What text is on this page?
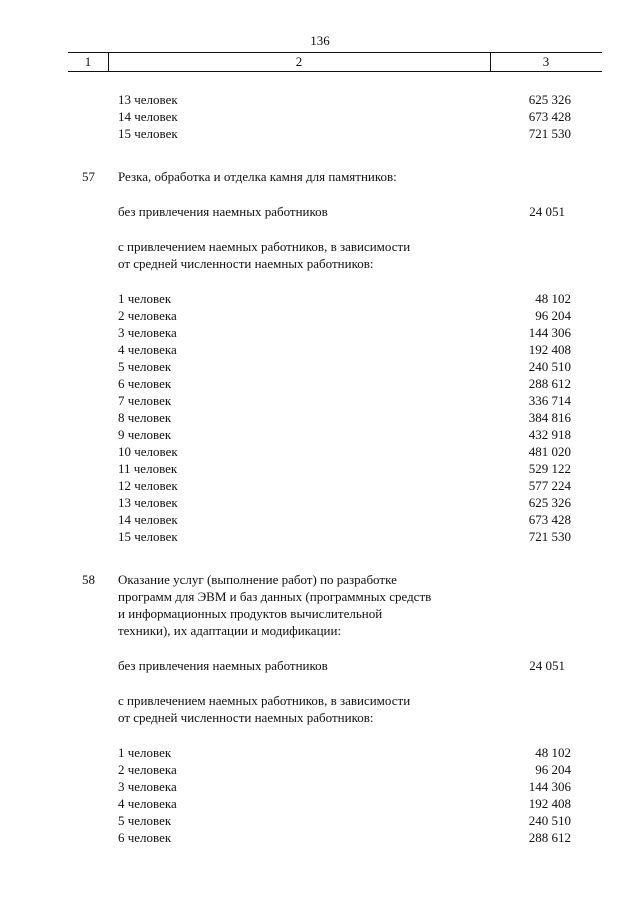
136
1	2	3
13 человек	625 326
14 человек	673 428
15 человек	721 530
57 Резка, обработка и отделка камня для памятников:
без привлечения наемных работников	24 051
с привлечением наемных работников, в зависимости
от средней численности наемных работников:
1 человек	48 102
2 человека	96 204
3 человека	144 306
4 человека	192 408
5 человек	240 510
6 человек	288 612
7 человек	336 714
8 человек	384 816
9 человек	432 918
10 человек	481 020
11 человек	529 122
12 человек	577 224
13 человек	625 326
14 человек	673 428
15 человек	721 530
58 Оказание услуг (выполнение работ) по разработке
программ для ЭВМ и баз данных (программных средств
и информационных продуктов вычислительной
техники), их адаптации и модификации:
без привлечения наемных работников	24 051
с привлечением наемных работников, в зависимости
от средней численности наемных работников:
1 человек	48 102
2 человека	96 204
3 человека	144 306
4 человека	192 408
5 человек	240 510
6 человек	288 612
